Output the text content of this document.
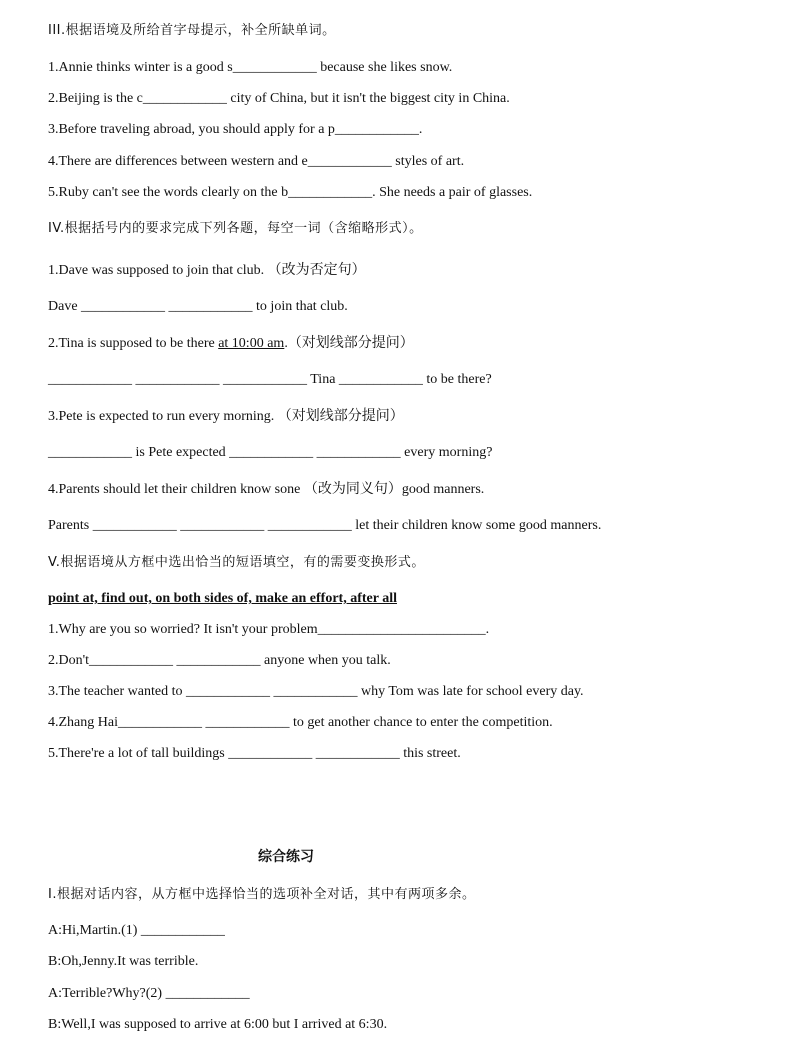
III.根据语境及所给首字母提示，补全所缺单词。
1.Annie thinks winter is a good s____________ because she likes snow.
2.Beijing is the c____________ city of China, but it isn't the biggest city in China.
3.Before traveling abroad, you should apply for a p____________.
4.There are differences between western and e____________ styles of art.
5.Ruby can't see the words clearly on the b____________. She needs a pair of glasses.
IV.根据括号内的要求完成下列各题，每空一词（含缩略形式）。
1.Dave was supposed to join that club. （改为否定句）
Dave ____________ ____________ to join that club.
2.Tina is supposed to be there at 10:00 am.（对划线部分提问）
____________ ____________ ____________ Tina ____________ to be there?
3.Pete is expected to run every morning. （对划线部分提问）
____________ is Pete expected ____________ ____________ every morning?
4.Parents should let their children know sone （改为同义句）good manners.
Parents ____________ ____________ ____________ let their children know some good manners.
V.根据语境从方框中选出恰当的短语填空，有的需要变换形式。
point at, find out, on both sides of, make an effort, after all
1.Why are you so worried? It isn't your problem________________________.
2.Don't____________ ____________ anyone when you talk.
3.The teacher wanted to ____________ ____________ why Tom was late for school every day.
4.Zhang Hai____________ ____________ to get another chance to enter the competition.
5.There're a lot of tall buildings ____________ ____________ this street.
综合练习
I.根据对话内容，从方框中选择恰当的选项补全对话，其中有两项多余。
A:Hi,Martin.(1) ____________
B:Oh,Jenny.It was terrible.
A:Terrible?Why?(2) ____________
B:Well,I was supposed to arrive at 6:00 but I arrived at 6:30.
